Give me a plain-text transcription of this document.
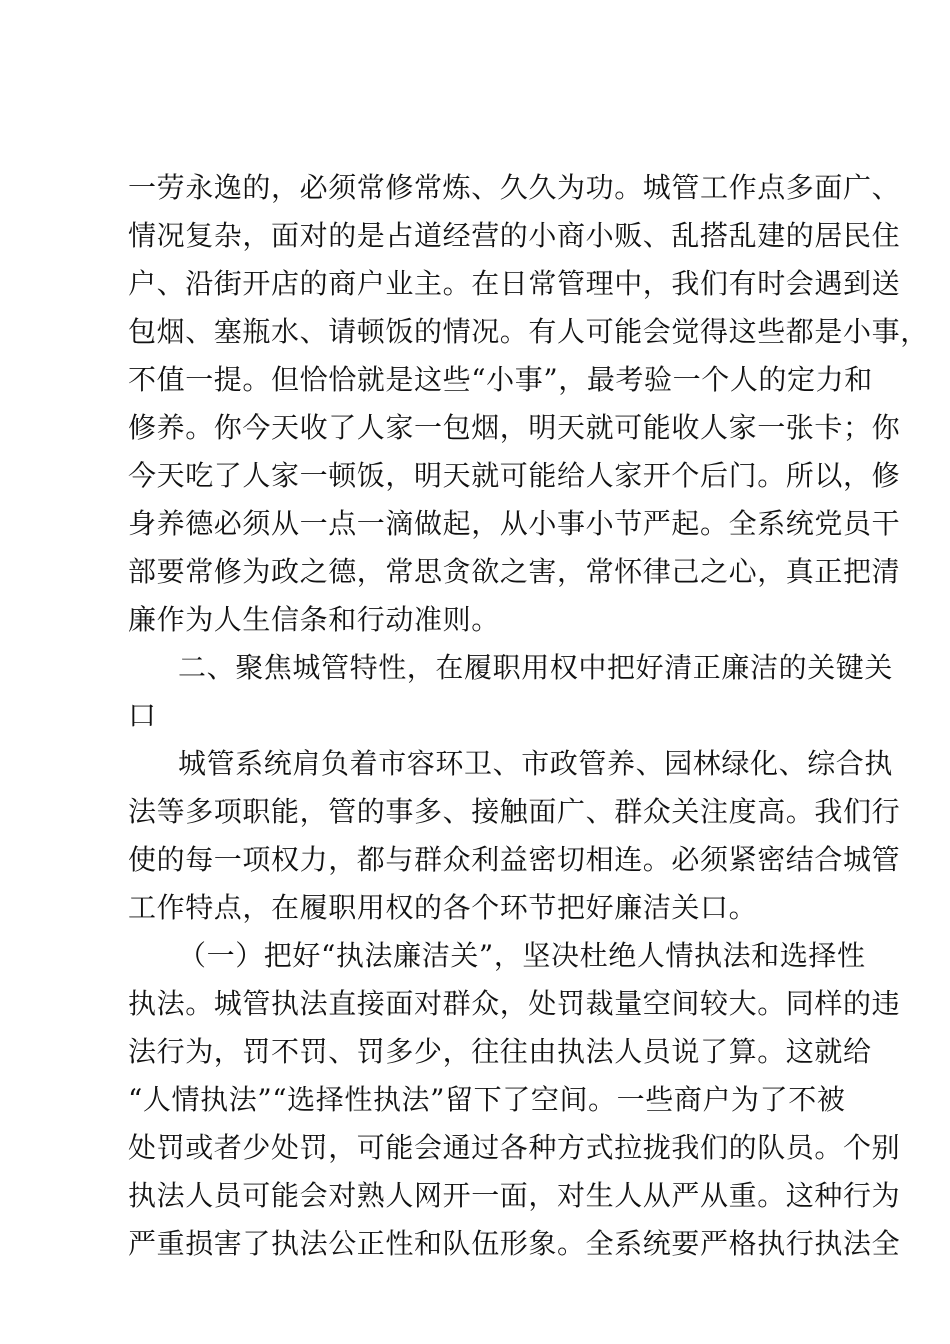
一劳永逸的，必须常修常炼、久久为功。城管工作点多面广、
情况复杂，面对的是占道经营的小商小贩、乱搭乱建的居民住
户、沿街开店的商户业主。在日常管理中，我们有时会遇到送
包烟、塞瓶水、请顿饭的情况。有人可能会觉得这些都是小事，
不值一提。但恰恰就是这些“小事”，最考验一个人的定力和
修养。你今天收了人家一包烟，明天就可能收人家一张卡；你
今天吃了人家一顿饭，明天就可能给人家开个后门。所以，修
身养德必须从一点一滴做起，从小事小节严起。全系统党员干
部要常修为政之德，常思贪欲之害，常怀律己之心，真正把清
廉作为人生信条和行动准则。
二、聚焦城管特性，在履职用权中把好清正廉洁的关键关
口
城管系统肩负着市容环卫、市政管养、园林绿化、综合执
法等多项职能，管的事多、接触面广、群众关注度高。我们行
使的每一项权力，都与群众利益密切相连。必须紧密结合城管
工作特点，在履职用权的各个环节把好廉洁关口。
（一）把好“执法廉洁关”，坚决杜绝人情执法和选择性
执法。城管执法直接面对群众，处罚裁量空间较大。同样的违
法行为，罚不罚、罚多少，往往由执法人员说了算。这就给
“人情执法”“选择性执法”留下了空间。一些商户为了不被
处罚或者少处罚，可能会通过各种方式拉拢我们的队员。个别
执法人员可能会对熟人网开一面，对生人从严从重。这种行为
严重损害了执法公正性和队伍形象。全系统要严格执行执法全
